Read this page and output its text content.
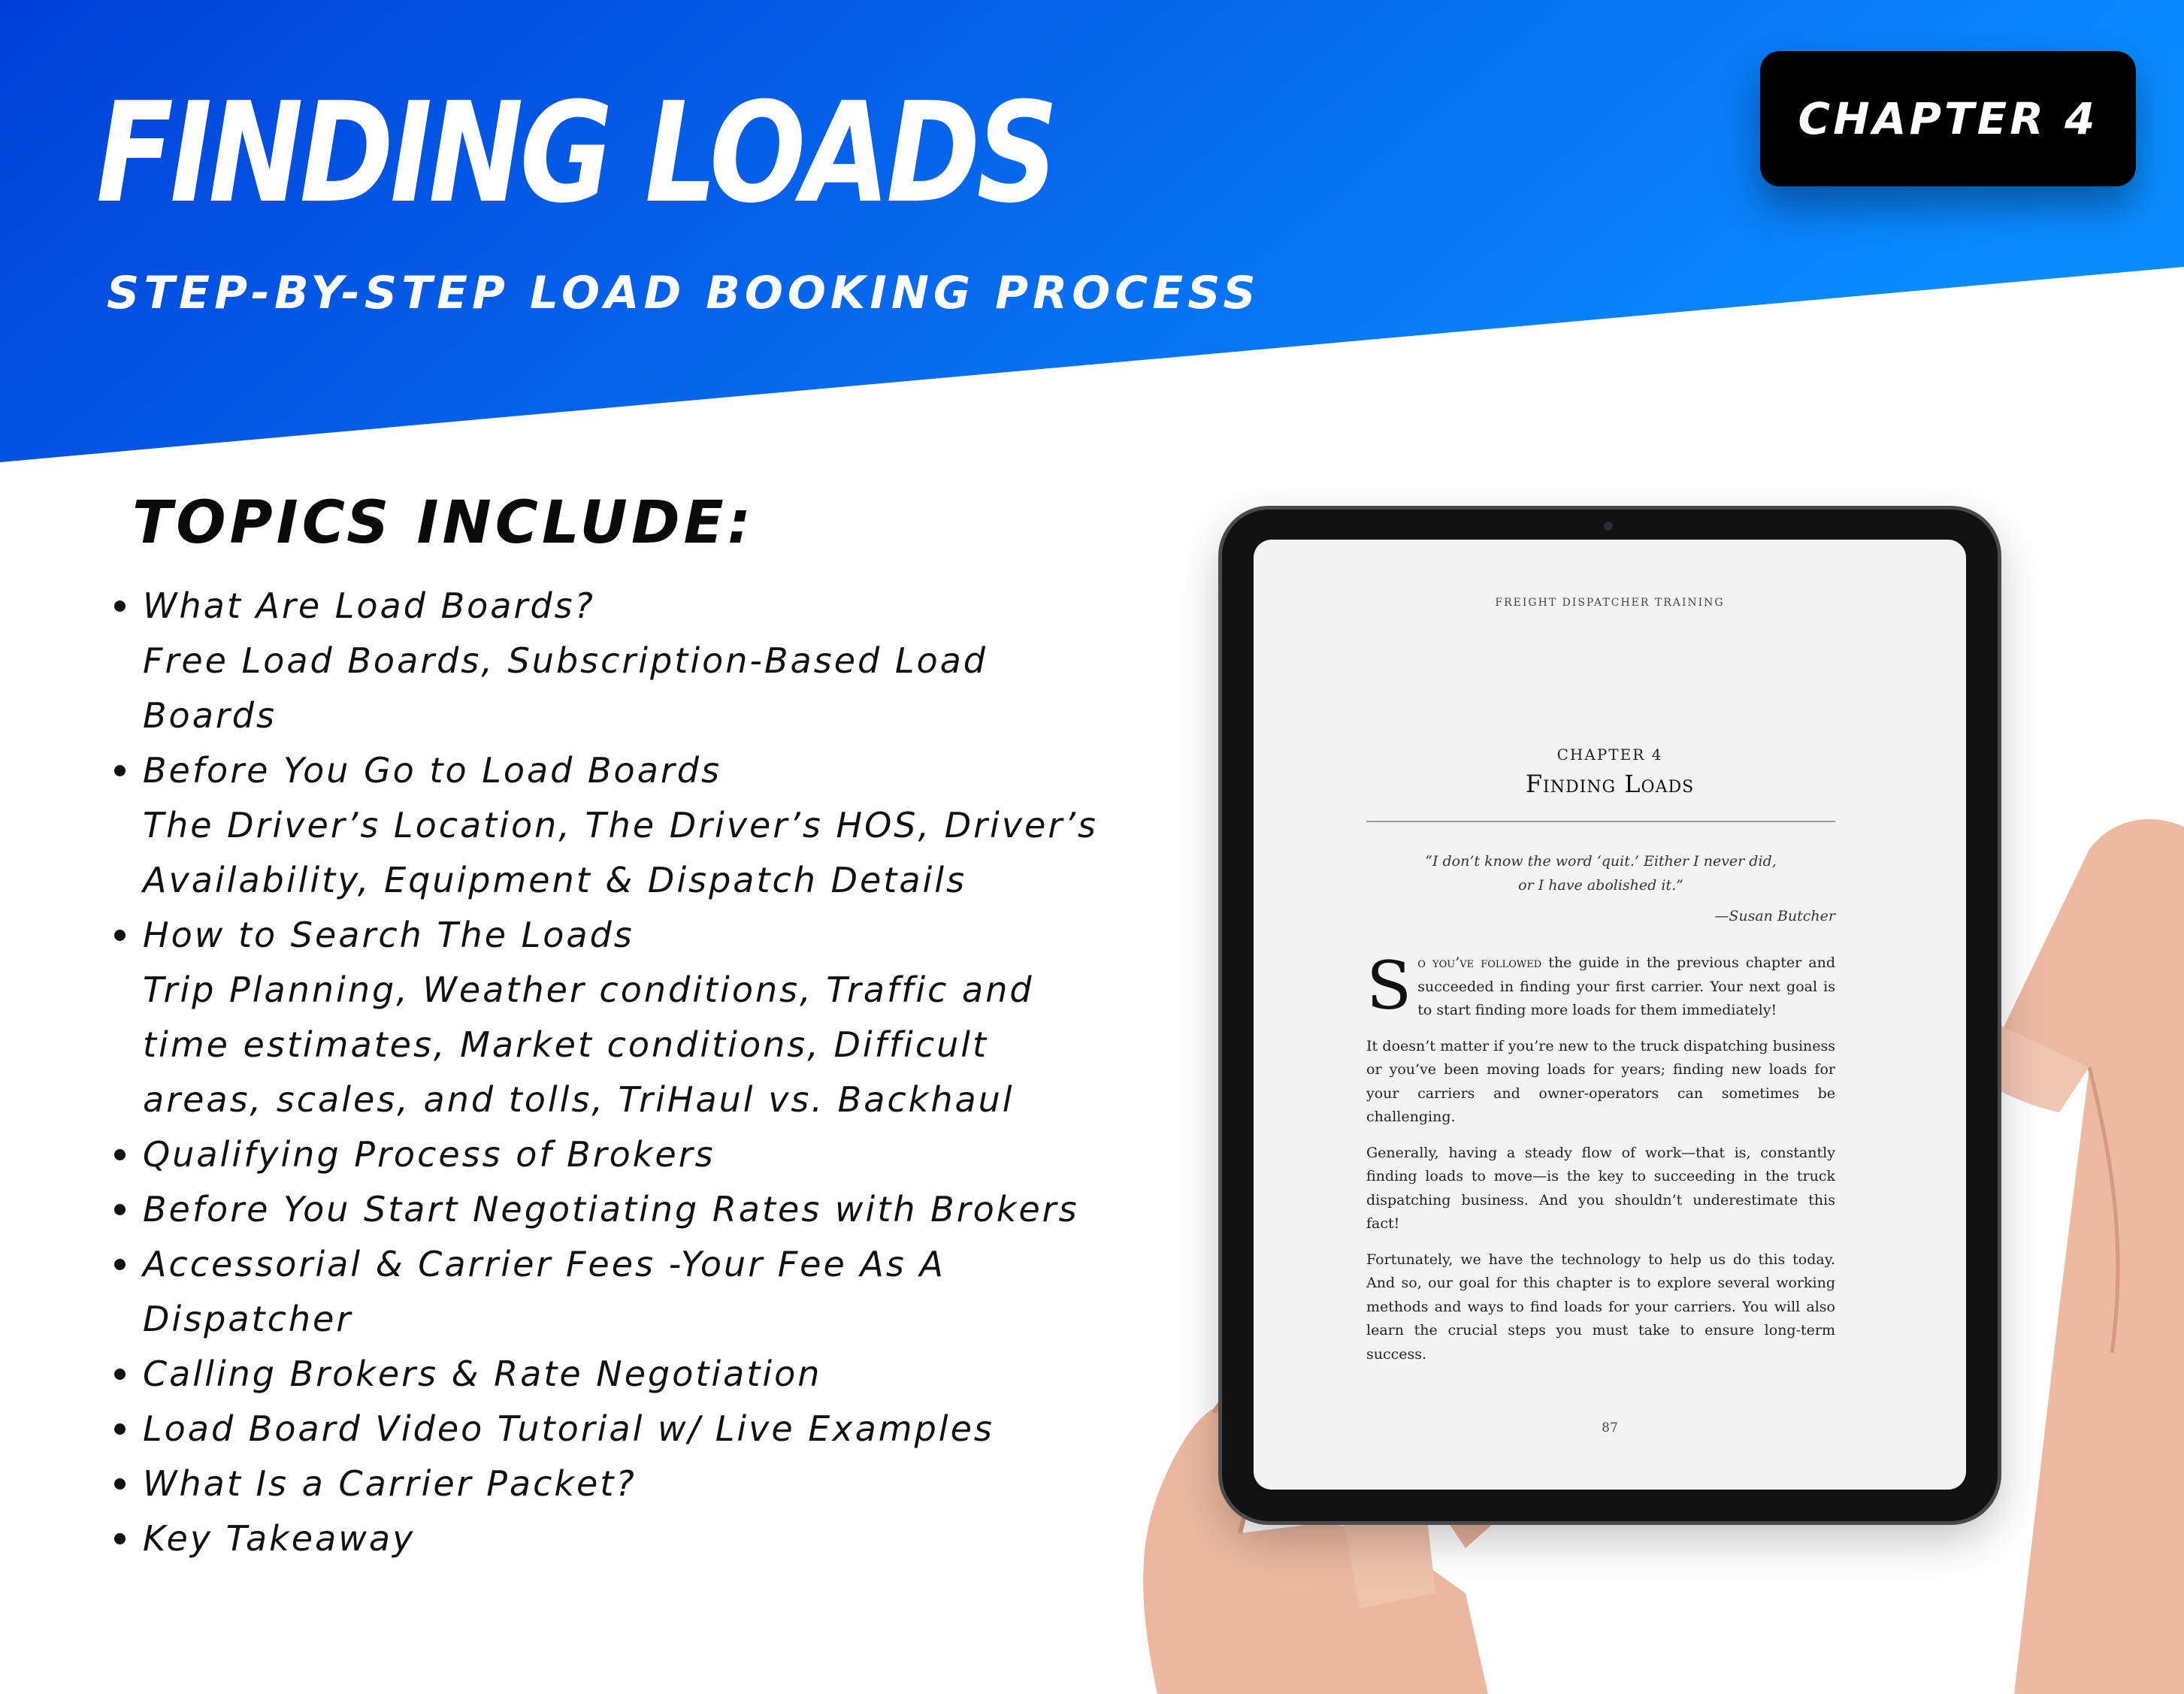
FINDING LOADS
STEP-BY-STEP LOAD BOOKING PROCESS
CHAPTER 4
TOPICS INCLUDE:
What Are Load Boards?
Free Load Boards, Subscription-Based Load
Boards
Before You Go to Load Boards
The Driver’s Location, The Driver’s HOS, Driver’s
Availability, Equipment & Dispatch Details
How to Search The Loads
Trip Planning, Weather conditions, Traffic and
time estimates, Market conditions, Difficult
areas, scales, and tolls, TriHaul vs. Backhaul
Qualifying Process of Brokers
Before You Start Negotiating Rates with Brokers
Accessorial & Carrier Fees -Your Fee As A
Dispatcher
Calling Brokers & Rate Negotiation
Load Board Video Tutorial w/ Live Examples
What Is a Carrier Packet?
Key Takeaway
FREIGHT DISPATCHER TRAINING
CHAPTER 4
Finding Loads
“I don’t know the word ‘quit.’ Either I never did,
or I have abolished it.”
—Susan Butcher

So you’ve followed the guide in the previous chapter and succeeded in finding your first carrier. Your next goal is to start finding more loads for them immediately!

It doesn’t matter if you’re new to the truck dispatching business or you’ve been moving loads for years; finding new loads for your carriers and owner-operators can sometimes be challenging.

Generally, having a steady flow of work—that is, constantly finding loads to move—is the key to succeeding in the truck dispatching business. And you shouldn’t underestimate this fact!

Fortunately, we have the technology to help us do this today. And so, our goal for this chapter is to explore several working methods and ways to find loads for your carriers. You will also learn the crucial steps you must take to ensure long-term success.

87
